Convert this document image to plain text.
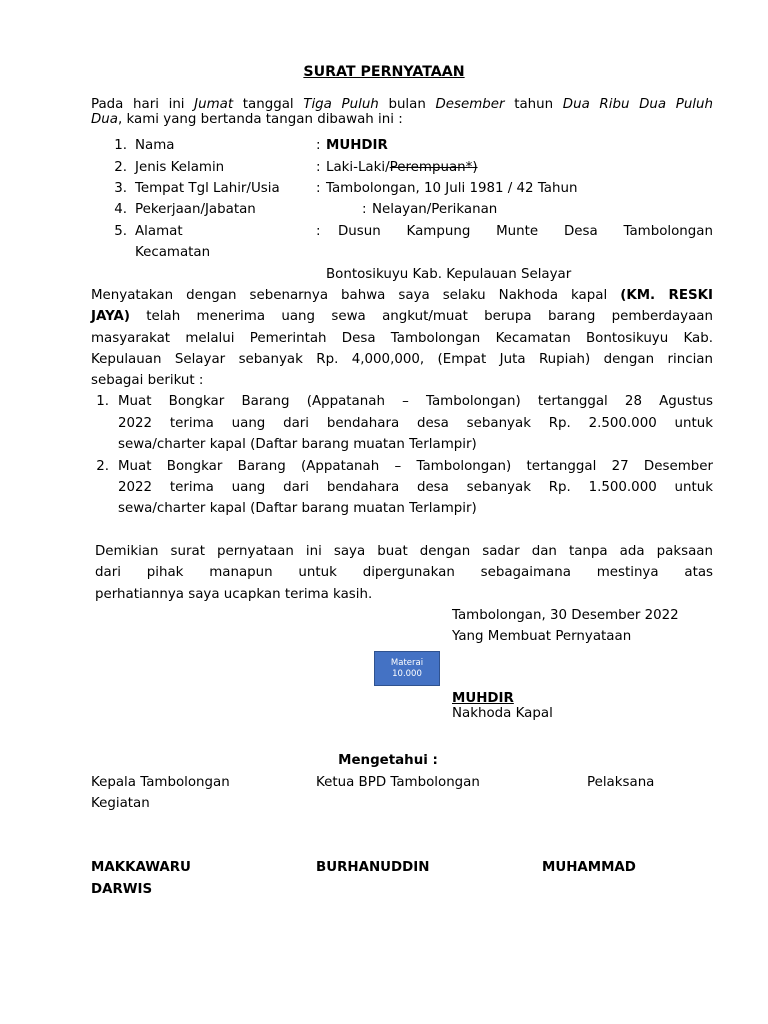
SURAT PERNYATAAN
Pada hari ini Jumat tanggal Tiga Puluh bulan Desember tahun Dua Ribu Dua Puluh
Dua, kami yang bertanda tangan dibawah ini :
1. Nama	: MUHDIR
2. Jenis Kelamin	: Laki-Laki/Perempuan*)
3. Tempat Tgl Lahir/Usia	: Tambolongan, 10 Juli 1981 / 42 Tahun
4. Pekerjaan/Jabatan	: Nelayan/Perikanan
5. Alamat	: Dusun Kampung Munte Desa Tambolongan
Kecamatan
Bontosikuyu Kab. Kepulauan Selayar
Menyatakan dengan sebenarnya bahwa saya selaku Nakhoda kapal (KM. RESKI
JAYA) telah menerima uang sewa angkut/muat berupa barang pemberdayaan
masyarakat melalui Pemerintah Desa Tambolongan Kecamatan Bontosikuyu Kab.
Kepulauan Selayar sebanyak Rp. 4,000,000, (Empat Juta Rupiah) dengan rincian
sebagai berikut :
1. Muat Bongkar Barang (Appatanah – Tambolongan) tertanggal 28 Agustus
2022 terima uang dari bendahara desa sebanyak Rp. 2.500.000 untuk
sewa/charter kapal (Daftar barang muatan Terlampir)
2. Muat Bongkar Barang (Appatanah – Tambolongan) tertanggal 27 Desember
2022 terima uang dari bendahara desa sebanyak Rp. 1.500.000 untuk
sewa/charter kapal (Daftar barang muatan Terlampir)
Demikian surat pernyataan ini saya buat dengan sadar dan tanpa ada paksaan
dari pihak manapun untuk dipergunakan sebagaimana mestinya atas
perhatiannya saya ucapkan terima kasih.
Tambolongan, 30 Desember 2022
Yang Membuat Pernyataan
Materai
10.000
MUHDIR
Nakhoda Kapal
Mengetahui :
Kepala Tambolongan	Ketua BPD Tambolongan	Pelaksana
Kegiatan
MAKKAWARU	BURHANUDDIN	MUHAMMAD
DARWIS
